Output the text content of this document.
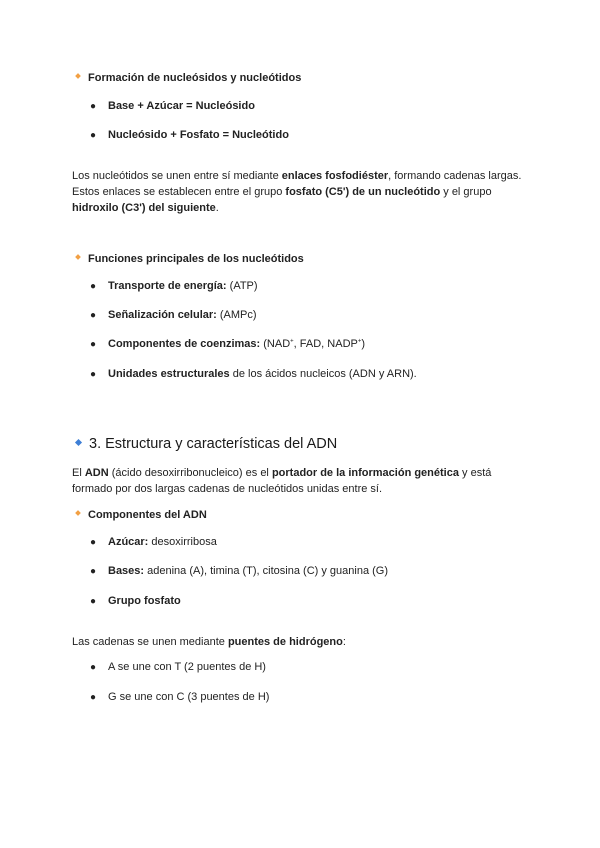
Formación de nucleósidos y nucleótidos
● Base + Azúcar = Nucleósido
● Nucleósido + Fosfato = Nucleótido
Los nucleótidos se unen entre sí mediante enlaces fosfodiéster, formando cadenas largas.
Estos enlaces se establecen entre el grupo fosfato (C5') de un nucleótido y el grupo
hidroxilo (C3') del siguiente.
Funciones principales de los nucleótidos
● Transporte de energía: (ATP)
● Señalización celular: (AMPc)
● Componentes de coenzimas: (NAD+, FAD, NADP+)
● Unidades estructurales de los ácidos nucleicos (ADN y ARN).
3. Estructura y características del ADN
El ADN (ácido desoxirribonucleico) es el portador de la información genética y está
formado por dos largas cadenas de nucleótidos unidas entre sí.
Componentes del ADN
● Azúcar: desoxirribosa
● Bases: adenina (A), timina (T), citosina (C) y guanina (G)
● Grupo fosfato
Las cadenas se unen mediante puentes de hidrógeno:
● A se une con T (2 puentes de H)
● G se une con C (3 puentes de H)
